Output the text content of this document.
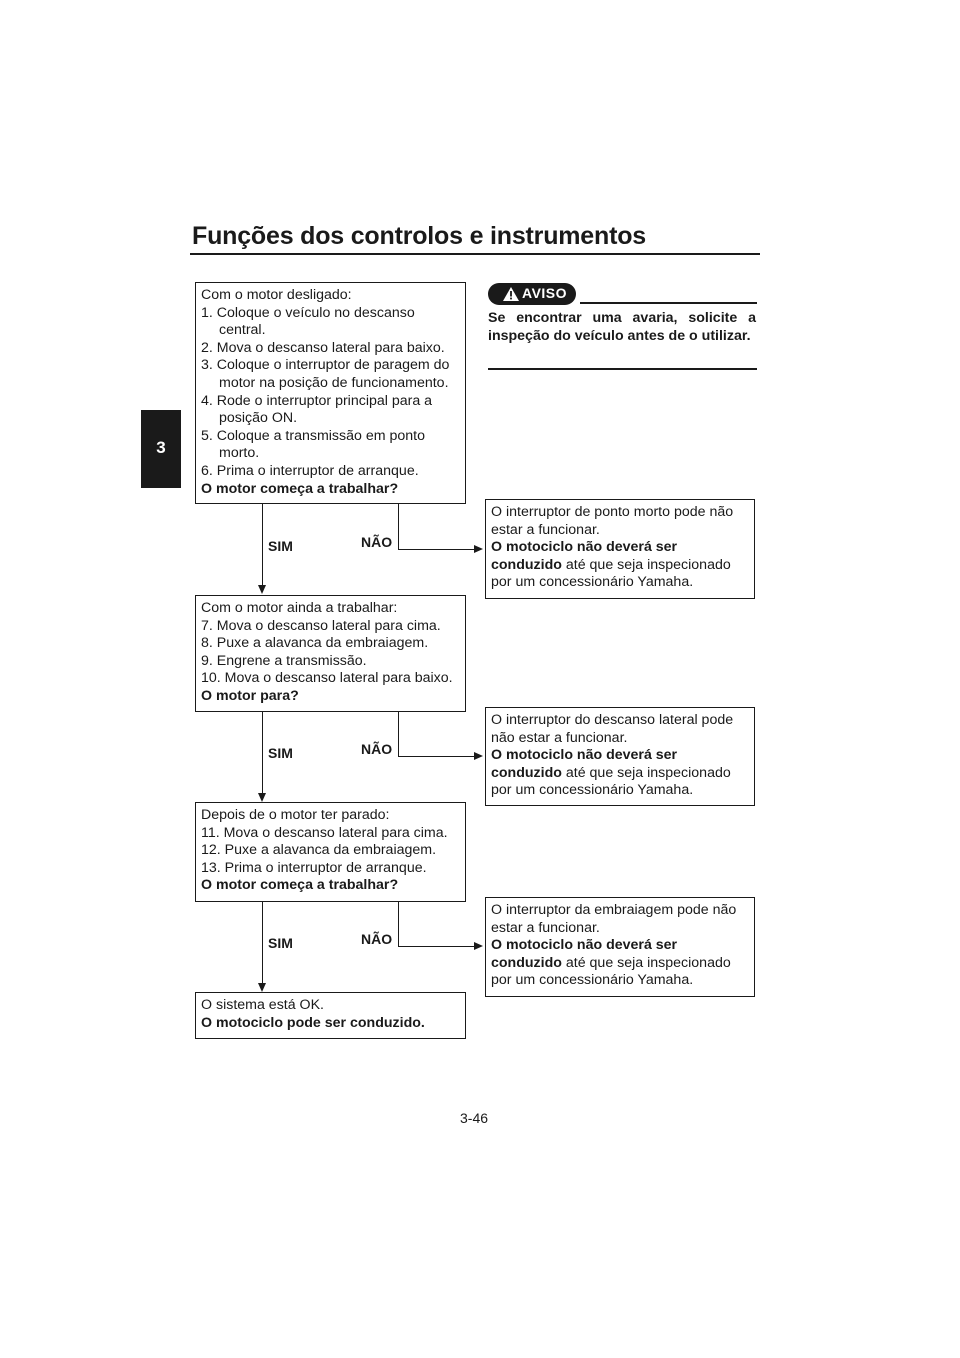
Funções dos controlos e instrumentos
3
Com o motor desligado:
1. Coloque o veículo no descanso central.
2. Mova o descanso lateral para baixo.
3. Coloque o interruptor de paragem do motor na posição de funcionamento.
4. Rode o interruptor principal para a posição ON.
5. Coloque a transmissão em ponto morto.
6. Prima o interruptor de arranque.
O motor começa a trabalhar?
SIM	NÃO
O interruptor de ponto morto pode não estar a funcionar.
O motociclo não deverá ser conduzido até que seja inspecionado por um concessionário Yamaha.
Com o motor ainda a trabalhar:
7. Mova o descanso lateral para cima.
8. Puxe a alavanca da embraiagem.
9. Engrene a transmissão.
10. Mova o descanso lateral para baixo.
O motor para?
SIM	NÃO
O interruptor do descanso lateral pode não estar a funcionar.
O motociclo não deverá ser conduzido até que seja inspecionado por um concessionário Yamaha.
Depois de o motor ter parado:
11. Mova o descanso lateral para cima.
12. Puxe a alavanca da embraiagem.
13. Prima o interruptor de arranque.
O motor começa a trabalhar?
SIM	NÃO
O interruptor da embraiagem pode não estar a funcionar.
O motociclo não deverá ser conduzido até que seja inspecionado por um concessionário Yamaha.
O sistema está OK.
O motociclo pode ser conduzido.
AVISO
Se encontrar uma avaria, solicite a inspeção do veículo antes de o utilizar.
3-46
